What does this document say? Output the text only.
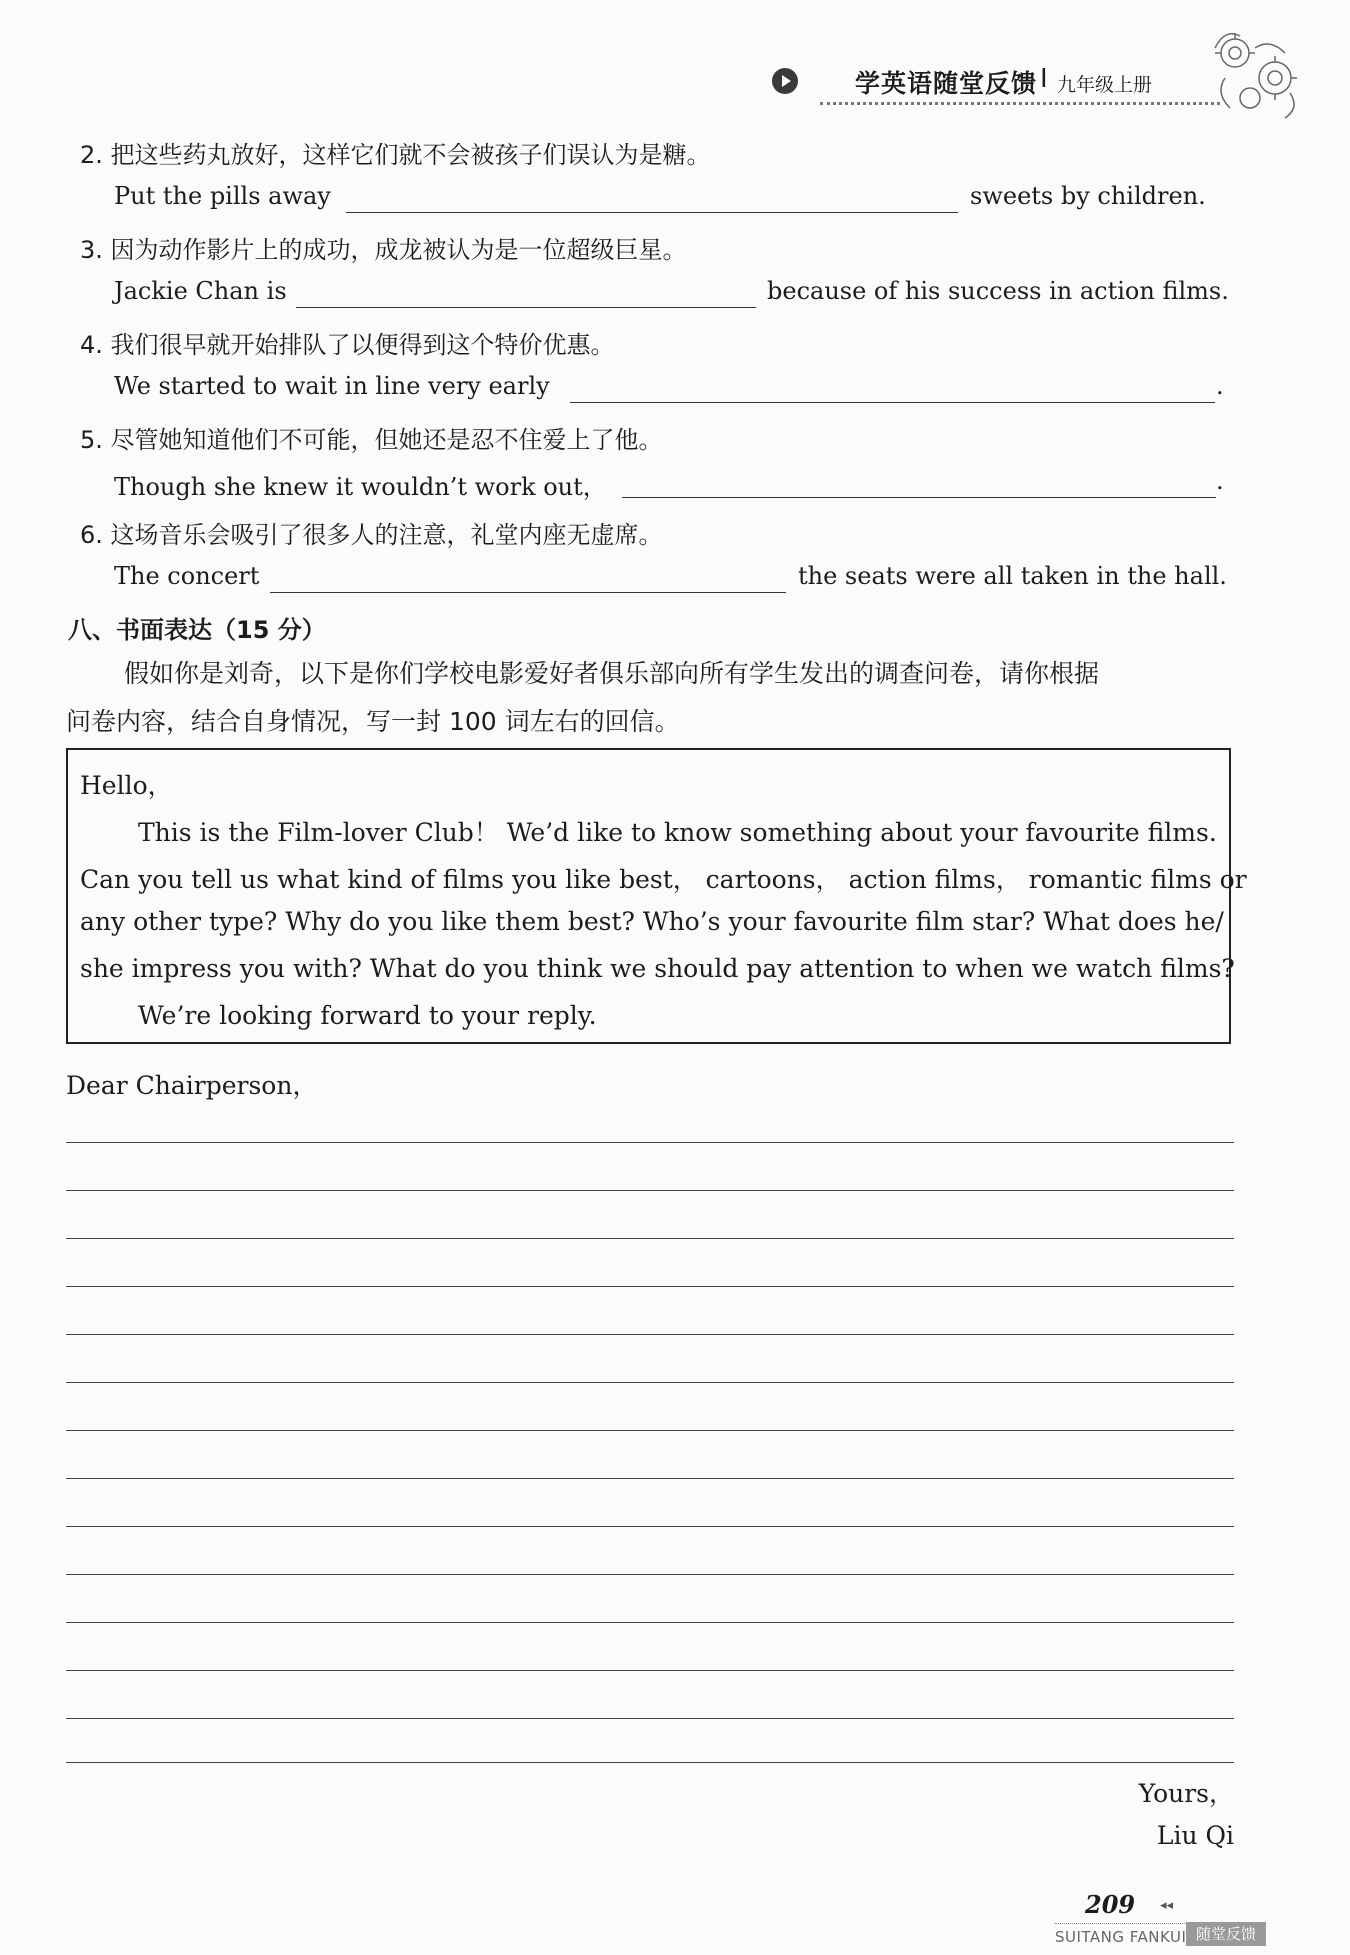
学英语随堂反馈 I 九年级上册
2. 把这些药丸放好，这样它们就不会被孩子们误认为是糖。
Put the pills away	sweets by children.
3. 因为动作影片上的成功，成龙被认为是一位超级巨星。
Jackie Chan is	because of his success in action films.
4. 我们很早就开始排队了以便得到这个特价优惠。
We started to wait in line very early	.
5. 尽管她知道他们不可能，但她还是忍不住爱上了他。
Though she knew it wouldn’t work out，	.
6. 这场音乐会吸引了很多人的注意，礼堂内座无虚席。
The concert	the seats were all taken in the hall.
八、书面表达（15 分）
假如你是刘奇，以下是你们学校电影爱好者俱乐部向所有学生发出的调查问卷，请你根据
问卷内容，结合自身情况，写一封 100 词左右的回信。
Hello，
This is the Film-lover Club！ We’d like to know something about your favourite films.
Can you tell us what kind of films you like best， cartoons， action films， romantic films or
any other type? Why do you like them best? Who’s your favourite film star? What does he/
she impress you with? What do you think we should pay attention to when we watch films?
We’re looking forward to your reply.
Dear Chairperson，
Yours，
Liu Qi
209 ◂◂
SUITANG FANKUI 随堂反馈
